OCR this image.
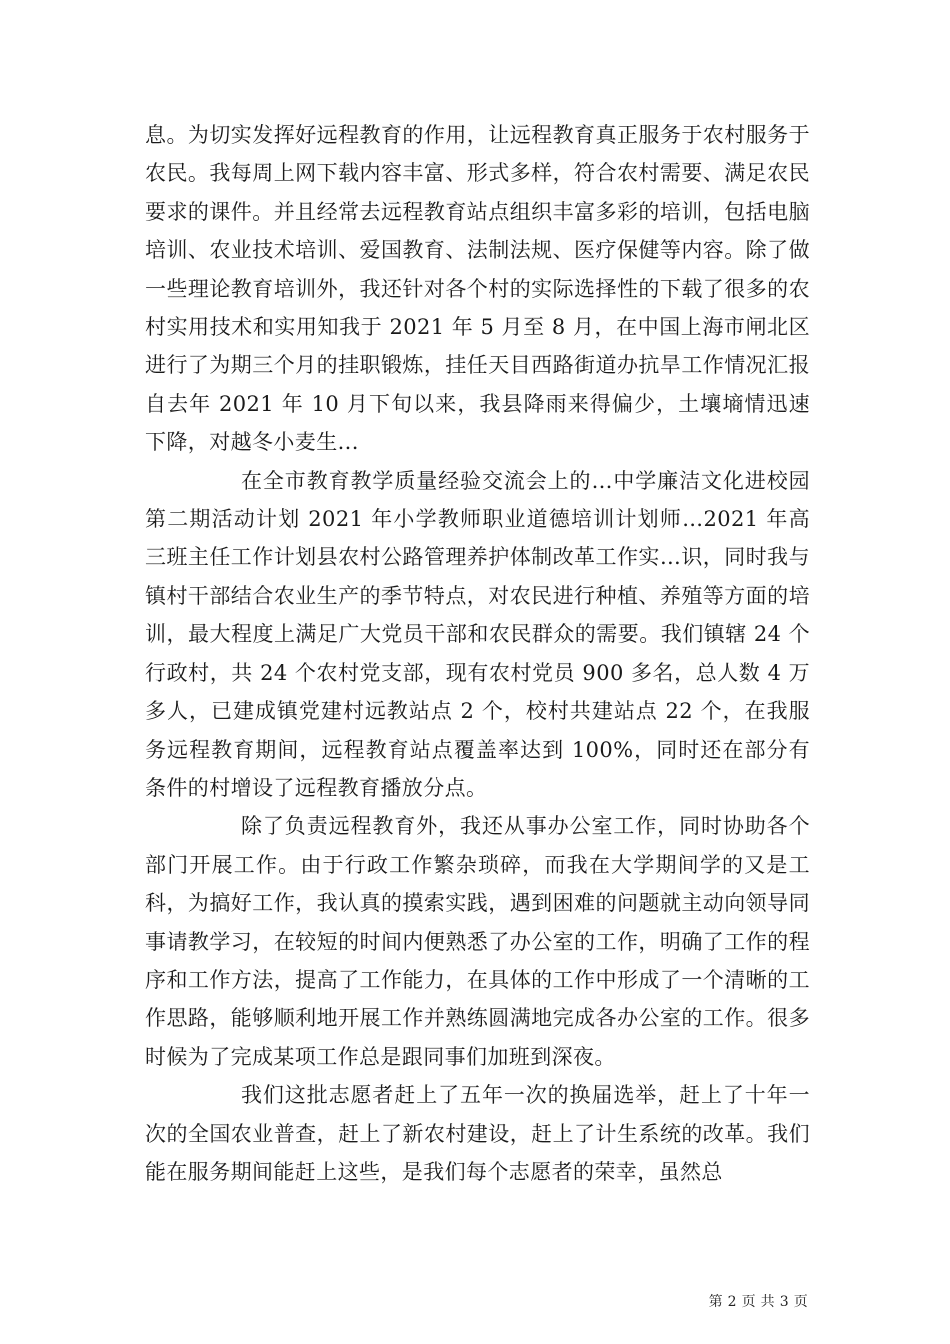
息。为切实发挥好远程教育的作用，让远程教育真正服务于农村服务于农民。我每周上网下载内容丰富、形式多样，符合农村需要、满足农民要求的课件。并且经常去远程教育站点组织丰富多彩的培训，包括电脑培训、农业技术培训、爱国教育、法制法规、医疗保健等内容。除了做一些理论教育培训外，我还针对各个村的实际选择性的下载了很多的农村实用技术和实用知我于 2021 年 5 月至 8 月，在中国上海市闸北区进行了为期三个月的挂职锻炼，挂任天目西路街道办抗旱工作情况汇报自去年 2021 年 10 月下旬以来，我县降雨来得偏少，土壤墒情迅速下降，对越冬小麦生...

在全市教育教学质量经验交流会上的…中学廉洁文化进校园第二期活动计划 2021 年小学教师职业道德培训计划师…2021 年高三班主任工作计划县农村公路管理养护体制改革工作实…识，同时我与镇村干部结合农业生产的季节特点，对农民进行种植、养殖等方面的培训，最大程度上满足广大党员干部和农民群众的需要。我们镇辖 24 个行政村，共 24 个农村党支部，现有农村党员 900 多名，总人数 4 万多人，已建成镇党建村远教站点 2 个，校村共建站点 22 个，在我服务远程教育期间，远程教育站点覆盖率达到 100%，同时还在部分有条件的村增设了远程教育播放分点。

除了负责远程教育外，我还从事办公室工作，同时协助各个部门开展工作。由于行政工作繁杂琐碎，而我在大学期间学的又是工科，为搞好工作，我认真的摸索实践，遇到困难的问题就主动向领导同事请教学习，在较短的时间内便熟悉了办公室的工作，明确了工作的程序和工作方法，提高了工作能力，在具体的工作中形成了一个清晰的工作思路，能够顺利地开展工作并熟练圆满地完成各办公室的工作。很多时候为了完成某项工作总是跟同事们加班到深夜。

我们这批志愿者赶上了五年一次的换届选举，赶上了十年一次的全国农业普查，赶上了新农村建设，赶上了计生系统的改革。我们能在服务期间能赶上这些，是我们每个志愿者的荣幸，虽然总

第 2 页 共 3 页
